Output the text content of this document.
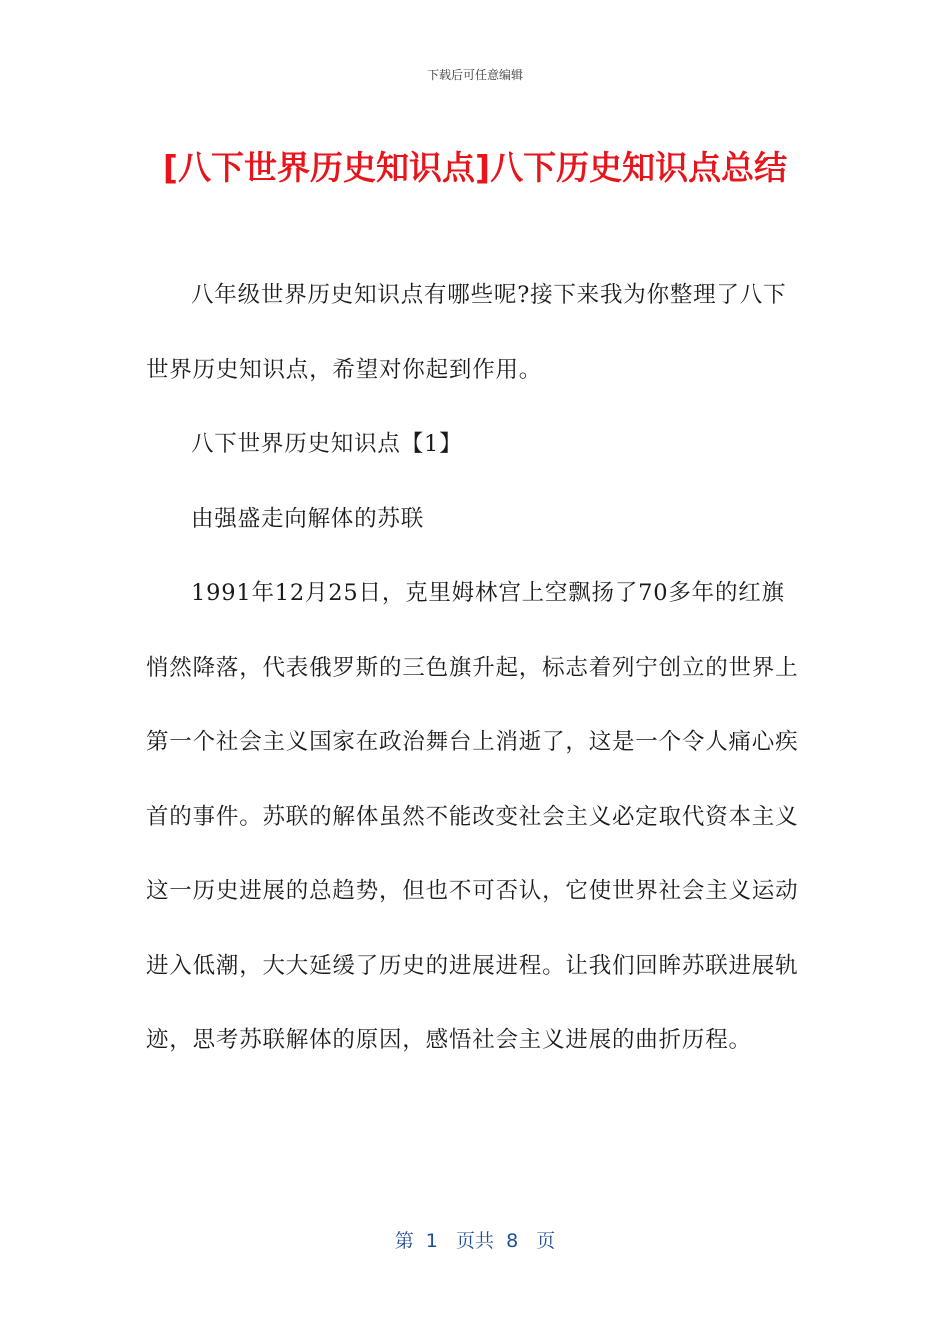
下载后可任意编辑
[八下世界历史知识点]八下历史知识点总结

八年级世界历史知识点有哪些呢?接下来我为你整理了八下世界历史知识点，希望对你起到作用。

八下世界历史知识点【1】

由强盛走向解体的苏联

1991年12月25日，克里姆林宫上空飘扬了70多年的红旗悄然降落，代表俄罗斯的三色旗升起，标志着列宁创立的世界上第一个社会主义国家在政治舞台上消逝了，这是一个令人痛心疾首的事件。苏联的解体虽然不能改变社会主义必定取代资本主义这一历史进展的总趋势，但也不可否认，它使世界社会主义运动进入低潮，大大延缓了历史的进展进程。让我们回眸苏联进展轨迹，思考苏联解体的原因，感悟社会主义进展的曲折历程。

第  1   页共  8   页
